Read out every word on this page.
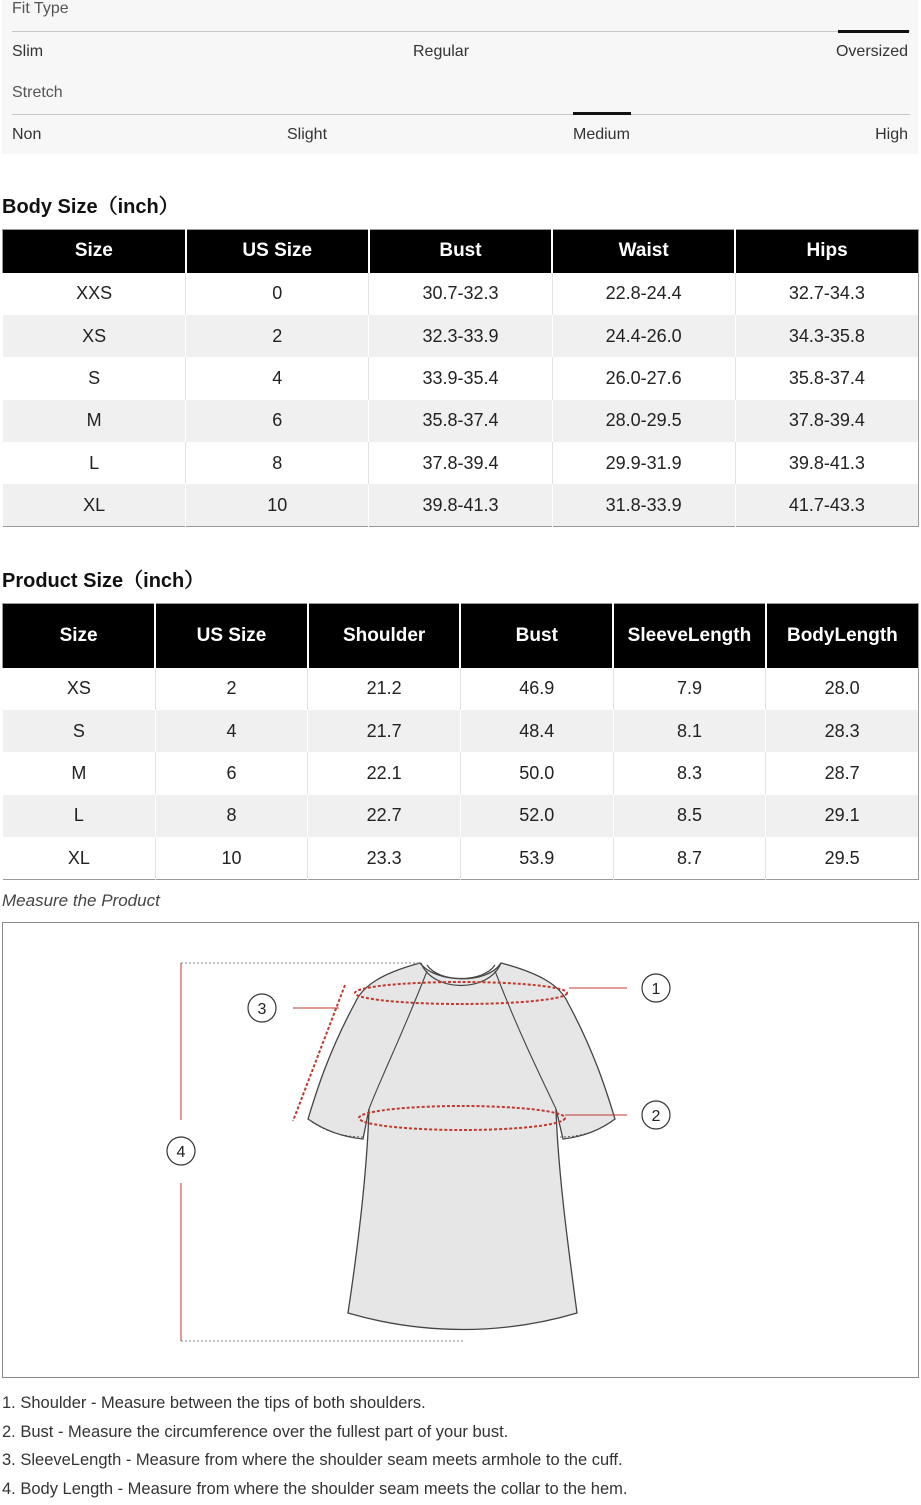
Fit Type
Slim	Regular	Oversized
Stretch
Non	Slight	Medium	High
Body Size（inch）
Size	US Size	Bust	Waist	Hips
XXS	0	30.7-32.3	22.8-24.4	32.7-34.3
XS	2	32.3-33.9	24.4-26.0	34.3-35.8
S	4	33.9-35.4	26.0-27.6	35.8-37.4
M	6	35.8-37.4	28.0-29.5	37.8-39.4
L	8	37.8-39.4	29.9-31.9	39.8-41.3
XL	10	39.8-41.3	31.8-33.9	41.7-43.3
Product Size（inch）
Size	US Size	Shoulder	Bust	SleeveLength	BodyLength
XS	2	21.2	46.9	7.9	28.0
S	4	21.7	48.4	8.1	28.3
M	6	22.1	50.0	8.3	28.7
L	8	22.7	52.0	8.5	29.1
XL	10	23.3	53.9	8.7	29.5
Measure the Product
1
2
3
4
1. Shoulder - Measure between the tips of both shoulders.
2. Bust - Measure the circumference over the fullest part of your bust.
3. SleeveLength - Measure from where the shoulder seam meets armhole to the cuff.
4. Body Length - Measure from where the shoulder seam meets the collar to the hem.
